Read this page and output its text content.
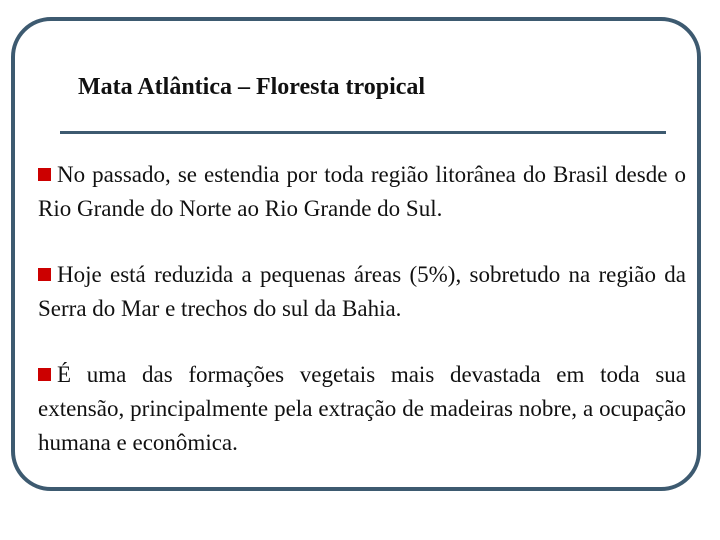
Mata Atlântica – Floresta tropical

No passado, se estendia por toda região litorânea do Brasil desde o Rio Grande do Norte ao Rio Grande do Sul.

Hoje está reduzida a pequenas áreas (5%), sobretudo na região da Serra do Mar e trechos do sul da Bahia.

É uma das formações vegetais mais devastada em toda sua extensão, principalmente pela extração de madeiras nobre, a ocupação humana e econômica.
